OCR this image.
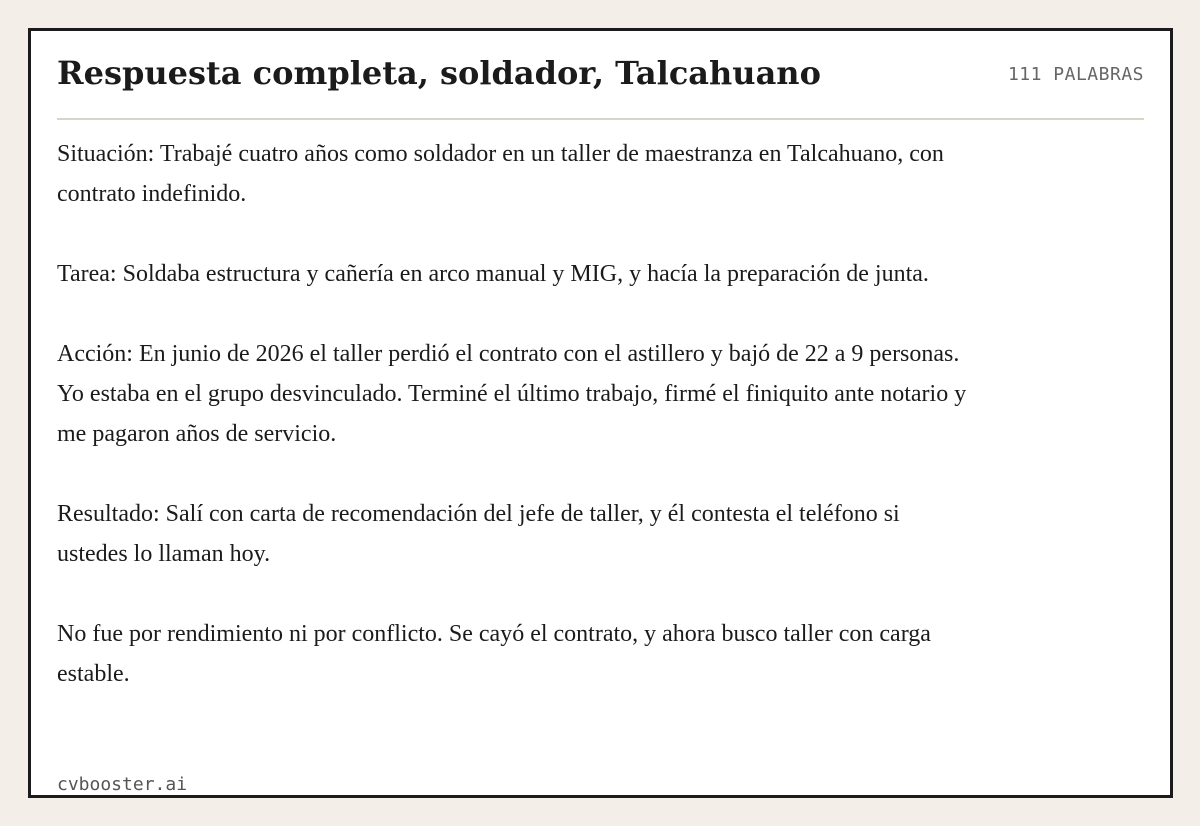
Respuesta completa, soldador, Talcahuano	111 PALABRAS

Situación: Trabajé cuatro años como soldador en un taller de maestranza en Talcahuano, con contrato indefinido.

Tarea: Soldaba estructura y cañería en arco manual y MIG, y hacía la preparación de junta.

Acción: En junio de 2026 el taller perdió el contrato con el astillero y bajó de 22 a 9 personas. Yo estaba en el grupo desvinculado. Terminé el último trabajo, firmé el finiquito ante notario y me pagaron años de servicio.

Resultado: Salí con carta de recomendación del jefe de taller, y él contesta el teléfono si ustedes lo llaman hoy.

No fue por rendimiento ni por conflicto. Se cayó el contrato, y ahora busco taller con carga estable.

cvbooster.ai
